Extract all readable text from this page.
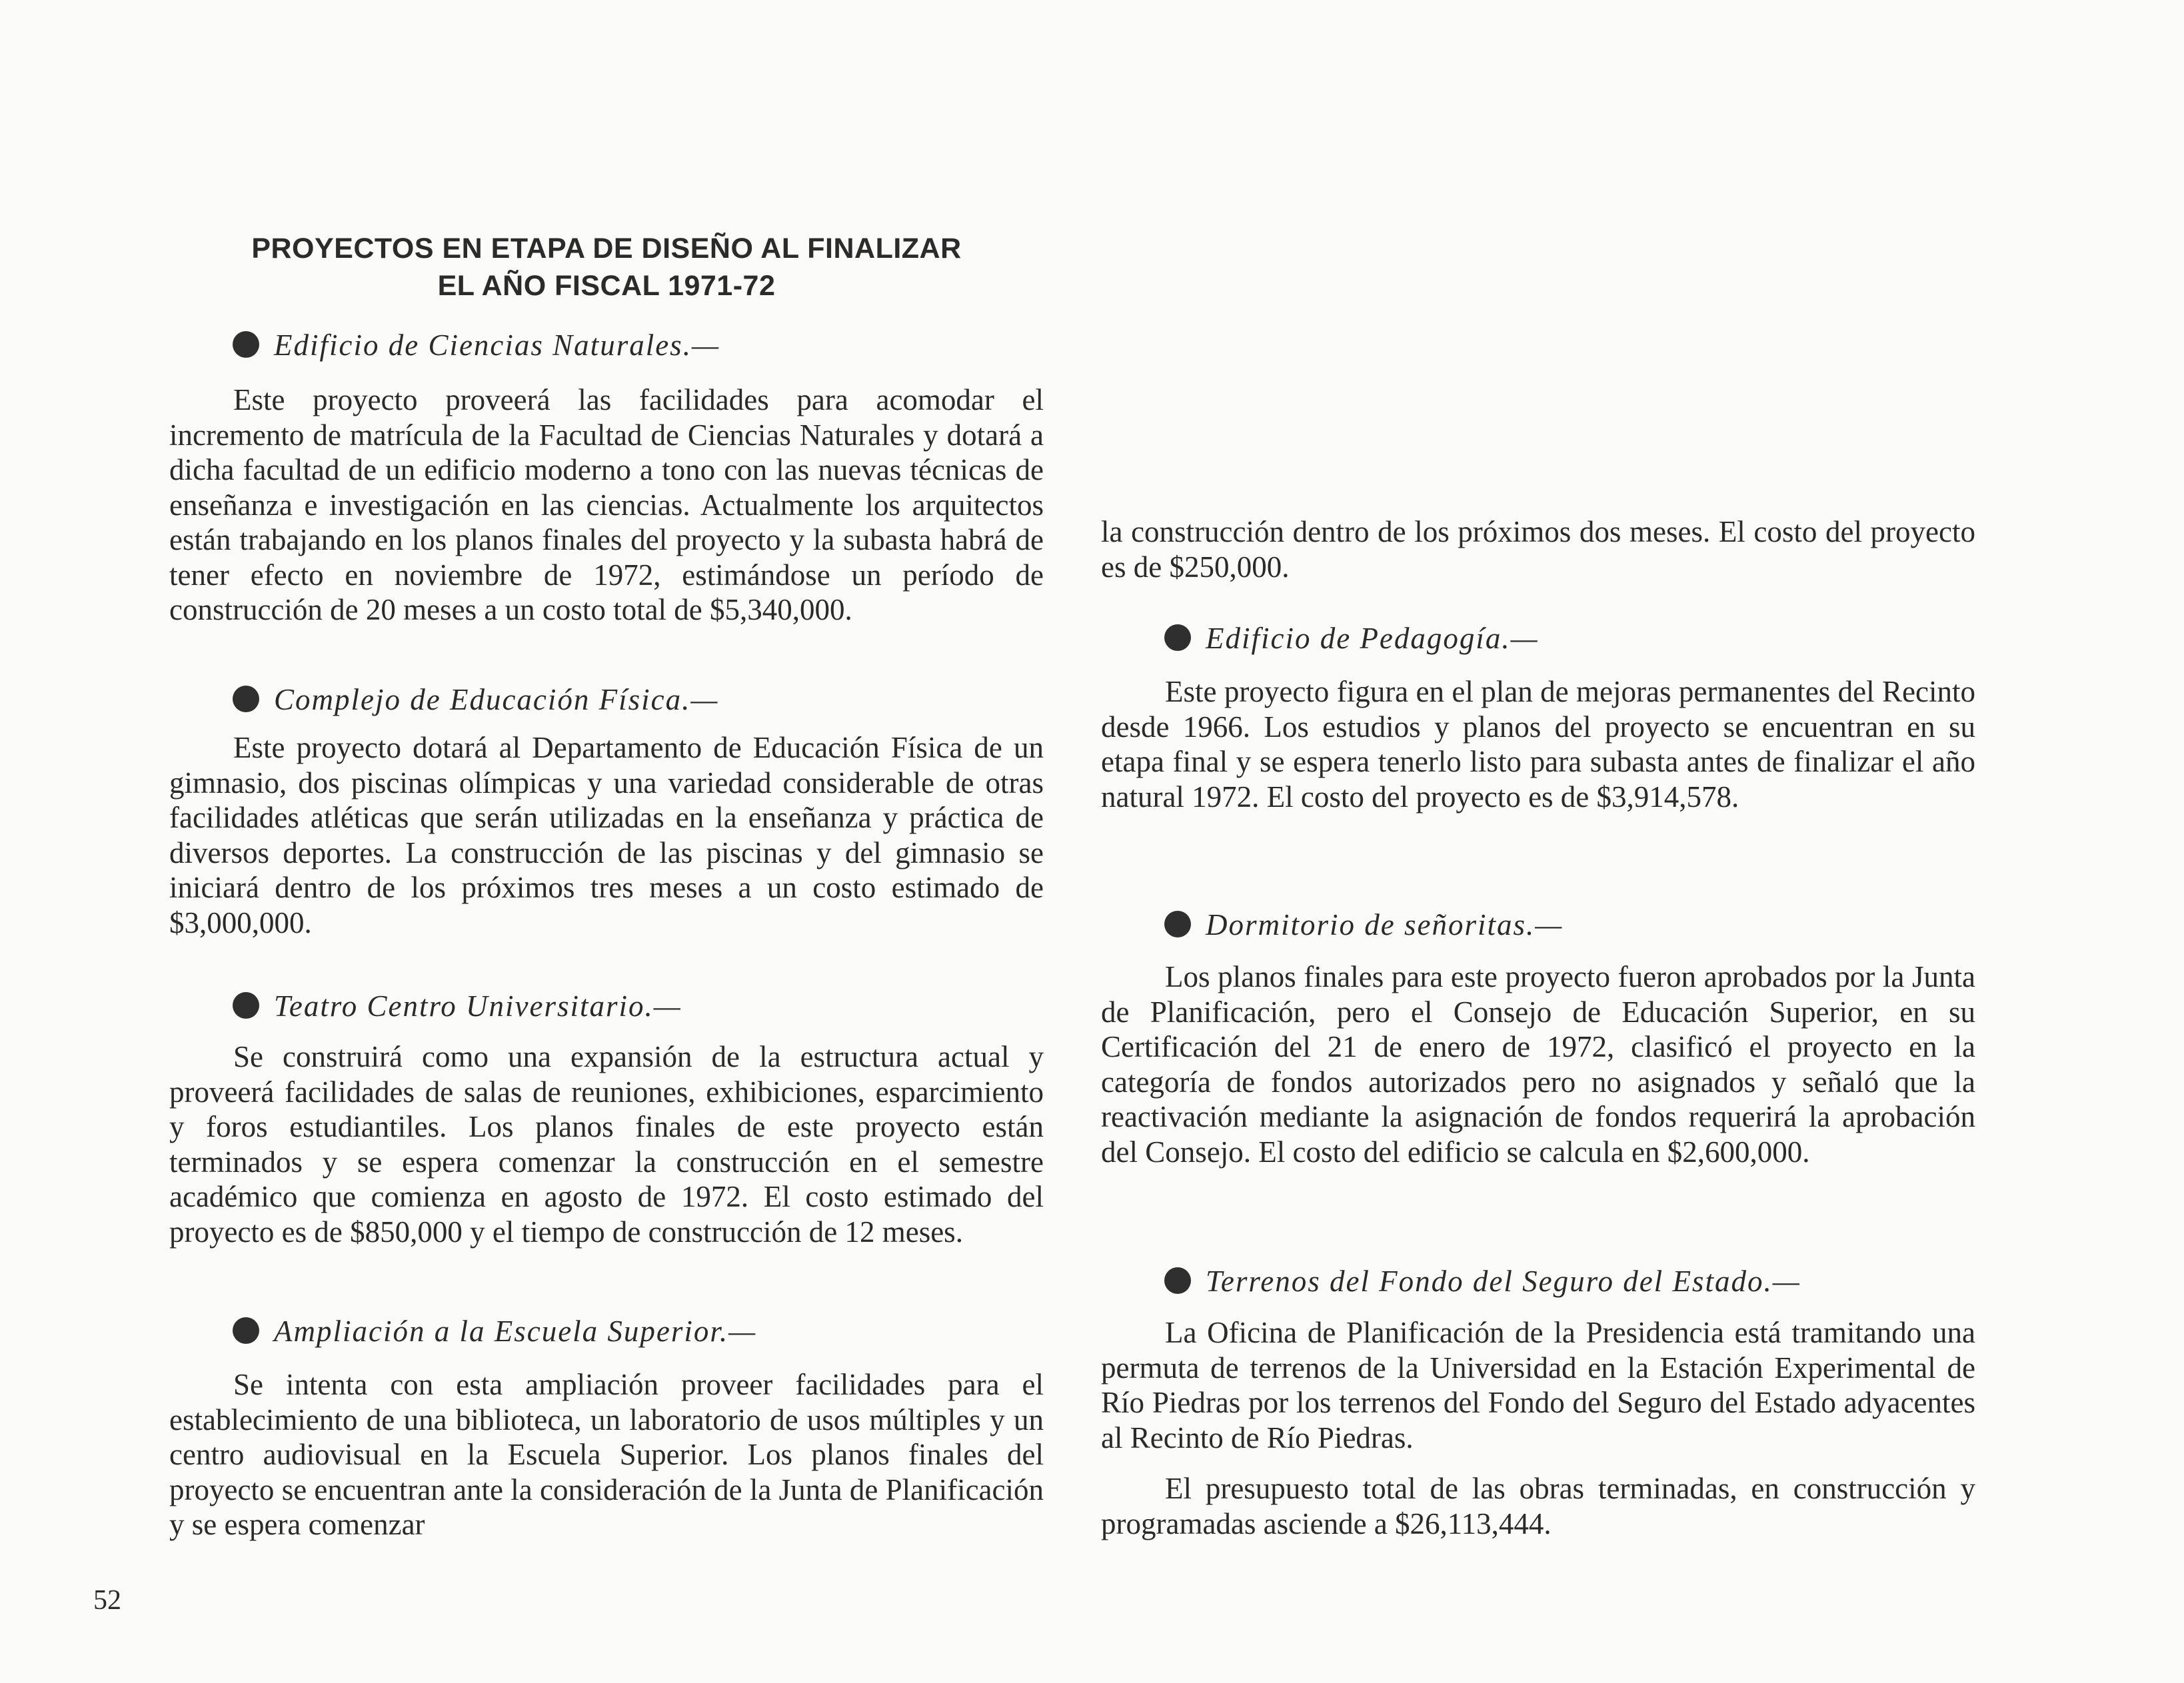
PROYECTOS EN ETAPA DE DISEÑO AL FINALIZAR
EL AÑO FISCAL 1971-72
Edificio de Ciencias Naturales.—
Este proyecto proveerá las facilidades para acomodar el incremento de matrícula de la Facultad de Ciencias Naturales y dotará a dicha facultad de un edificio moderno a tono con las nuevas técnicas de enseñanza e investigación en las ciencias. Actualmente los arquitectos están trabajando en los planos finales del proyecto y la subasta habrá de tener efecto en noviembre de 1972, estimándose un período de construcción de 20 meses a un costo total de $5,340,000.
Complejo de Educación Física.—
Este proyecto dotará al Departamento de Educación Física de un gimnasio, dos piscinas olímpicas y una variedad considerable de otras facilidades atléticas que serán utilizadas en la enseñanza y práctica de diversos deportes. La construcción de las piscinas y del gimnasio se iniciará dentro de los próximos tres meses a un costo estimado de $3,000,000.
Teatro Centro Universitario.—
Se construirá como una expansión de la estructura actual y proveerá facilidades de salas de reuniones, exhibiciones, esparcimiento y foros estudiantiles. Los planos finales de este proyecto están terminados y se espera comenzar la construcción en el semestre académico que comienza en agosto de 1972. El costo estimado del proyecto es de $850,000 y el tiempo de construcción de 12 meses.
Ampliación a la Escuela Superior.—
Se intenta con esta ampliación proveer facilidades para el establecimiento de una biblioteca, un laboratorio de usos múltiples y un centro audiovisual en la Escuela Superior. Los planos finales del proyecto se encuentran ante la consideración de la Junta de Planificación y se espera comenzar
la construcción dentro de los próximos dos meses. El costo del proyecto es de $250,000.
Edificio de Pedagogía.—
Este proyecto figura en el plan de mejoras permanentes del Recinto desde 1966. Los estudios y planos del proyecto se encuentran en su etapa final y se espera tenerlo listo para subasta antes de finalizar el año natural 1972. El costo del proyecto es de $3,914,578.
Dormitorio de señoritas.—
Los planos finales para este proyecto fueron aprobados por la Junta de Planificación, pero el Consejo de Educación Superior, en su Certificación del 21 de enero de 1972, clasificó el proyecto en la categoría de fondos autorizados pero no asignados y señaló que la reactivación mediante la asignación de fondos requerirá la aprobación del Consejo. El costo del edificio se calcula en $2,600,000.
Terrenos del Fondo del Seguro del Estado.—
La Oficina de Planificación de la Presidencia está tramitando una permuta de terrenos de la Universidad en la Estación Experimental de Río Piedras por los terrenos del Fondo del Seguro del Estado adyacentes al Recinto de Río Piedras.
El presupuesto total de las obras terminadas, en construcción y programadas asciende a $26,113,444.
52
